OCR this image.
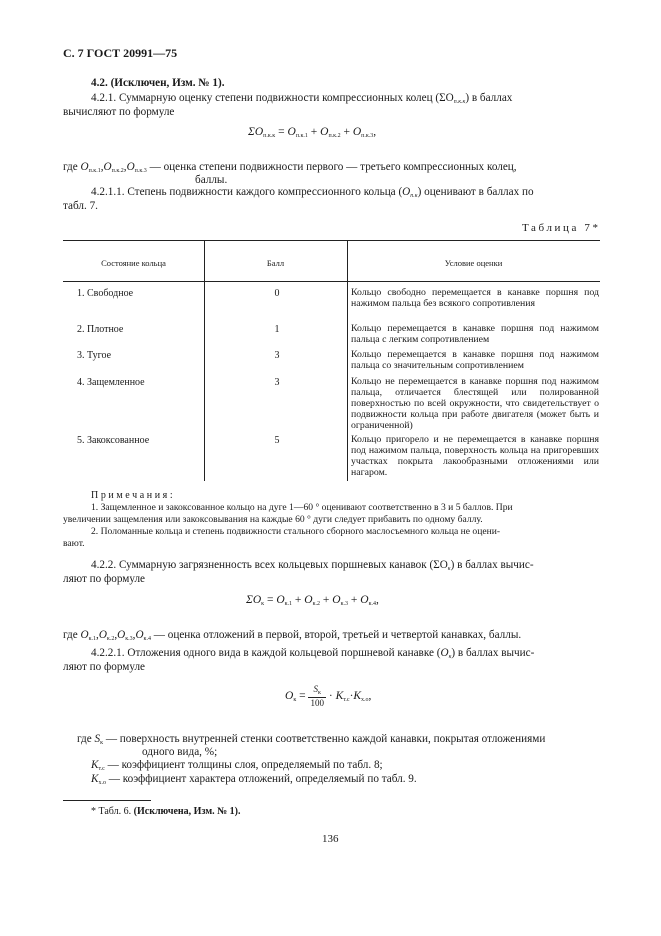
С. 7 ГОСТ 20991—75
4.2. (Исключен, Изм. № 1).
4.2.1. Суммарную оценку степени подвижности компрессионных колец $(\Sigma О_{п.к.к})$ в баллах
вычисляют по формуле
$\Sigma О_{п.к.к} = О_{п.к.1} + О_{п.к.2} + О_{п.к.3}$,
где $О_{п.к.1},О_{п.к.2},О_{п.к.3}$ — оценка степени подвижности первого — третьего компрессионных колец,
баллы.
4.2.1.1. Степень подвижности каждого компрессионного кольца $(О_{п.к})$ оценивают в баллах по
табл. 7.
Таблица 7*
Состояние кольца	Балл	Условие оценки
1. Свободное	0	Кольцо свободно перемещается в канавке поршня под нажимом пальца без всякого сопротивления
2. Плотное	1	Кольцо перемещается в канавке поршня под нажимом пальца с легким сопротивлением
3. Тугое	3	Кольцо перемещается в канавке поршня под нажимом пальца со значительным сопротивлением
4. Защемленное	3	Кольцо не перемещается в канавке поршня под нажимом пальца, отличается блестящей или полированной поверхностью по всей окружности, что свидетельствует о подвижности кольца при работе двигателя (может быть и ограниченной)
5. Закоксованное	5	Кольцо пригорело и не перемещается в канавке поршня под нажимом пальца, поверхность кольца на пригоревших участках покрыта лакообразными отложениями или нагаром.
Примечания:
1. Защемленное и закоксованное кольцо на дуге 1—60 ° оценивают соответственно в 3 и 5 баллов. При
увеличении защемления или закоксовывания на каждые 60 ° дуги следует прибавить по одному баллу.
2. Поломанные кольца и степень подвижности стального сборного маслосъемного кольца не оцени-
вают.
4.2.2. Суммарную загрязненность всех кольцевых поршневых канавок $(\Sigma О_к)$ в баллах вычис-
ляют по формуле
$\Sigma О_к = О_{к.1} + О_{к.2} + О_{к.3} + О_{к.4}$,
где $О_{к.1},О_{к.2},О_{к.3},О_{к.4}$ — оценка отложений в первой, второй, третьей и четвертой канавках, баллы.
4.2.2.1. Отложения одного вида в каждой кольцевой поршневой канавке $(О_к)$ в баллах вычис-
ляют по формуле
$О_к = \frac{S_к}{100} \cdot К_{т.с}\cdot К_{х.о}$,
где $S_к$ — поверхность внутренней стенки соответственно каждой канавки, покрытая отложениями
одного вида, %;
$К_{т.с}$ — коэффициент толщины слоя, определяемый по табл. 8;
$К_{х.о}$ — коэффициент характера отложений, определяемый по табл. 9.
* Табл. 6. (Исключена, Изм. № 1).
136
